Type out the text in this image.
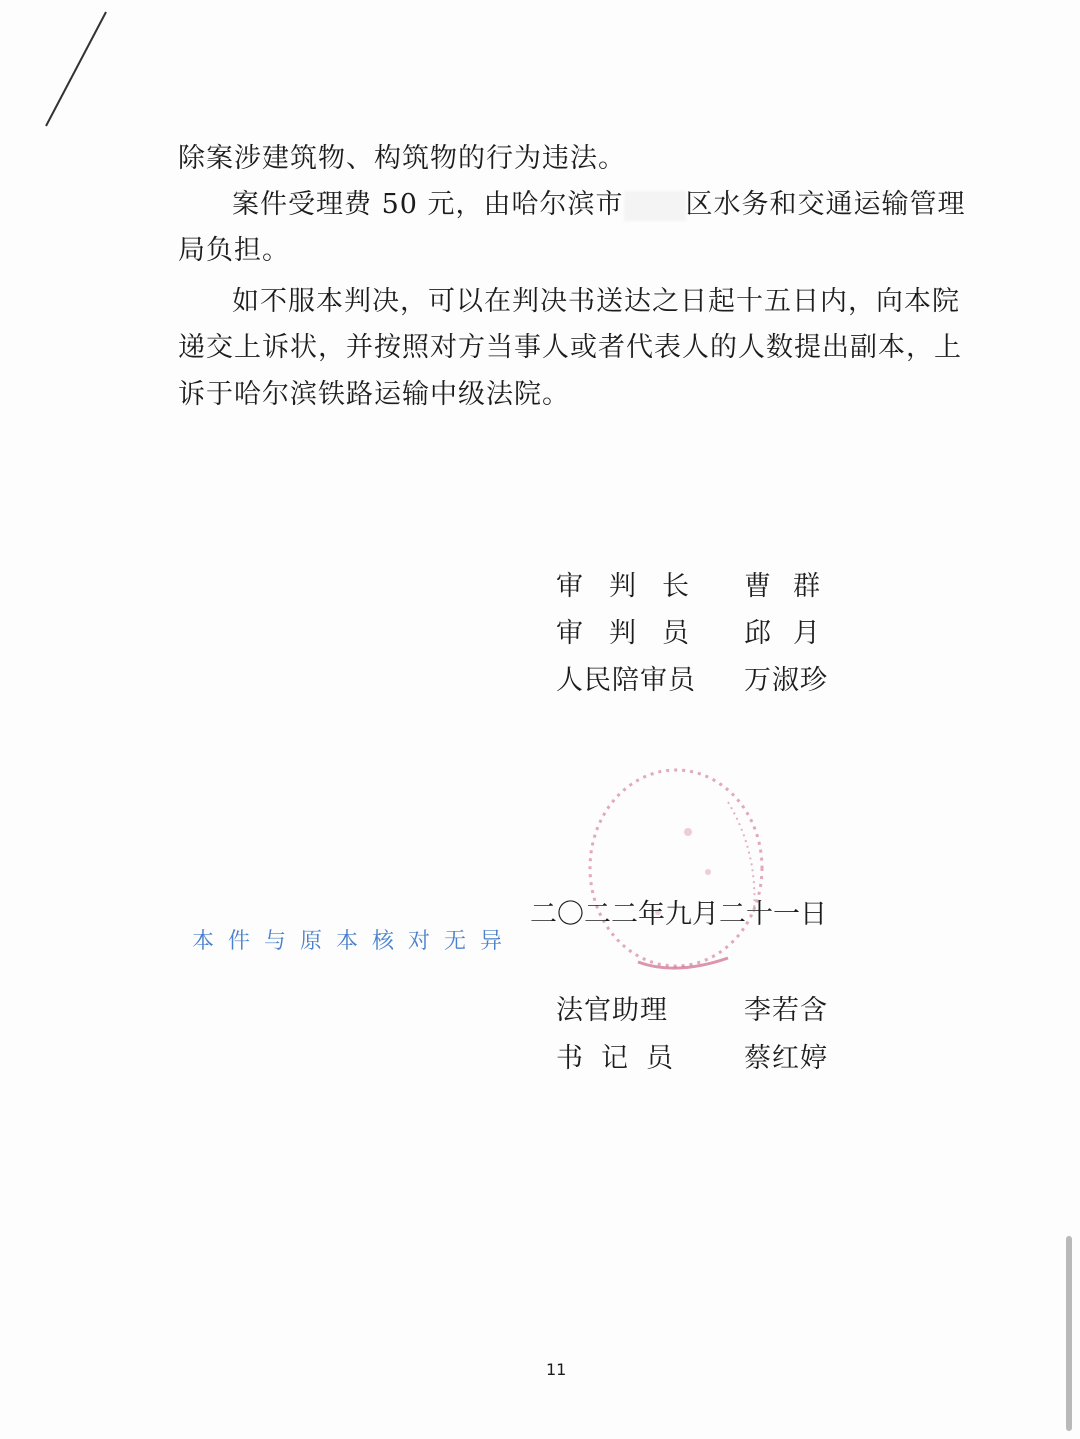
除案涉建筑物、构筑物的行为违法。
案件受理费 50 元，由哈尔滨市 区水务和交通运输管理
局负担。
如不服本判决，可以在判决书送达之日起十五日内，向本院
递交上诉状，并按照对方当事人或者代表人的人数提出副本，上
诉于哈尔滨铁路运输中级法院。
审判长 曹群
审判员 邱月
人民陪审员 万淑珍
二〇二二年九月二十一日
本件与原本核对无异
法官助理	李若含
书记员 蔡红婷
11
